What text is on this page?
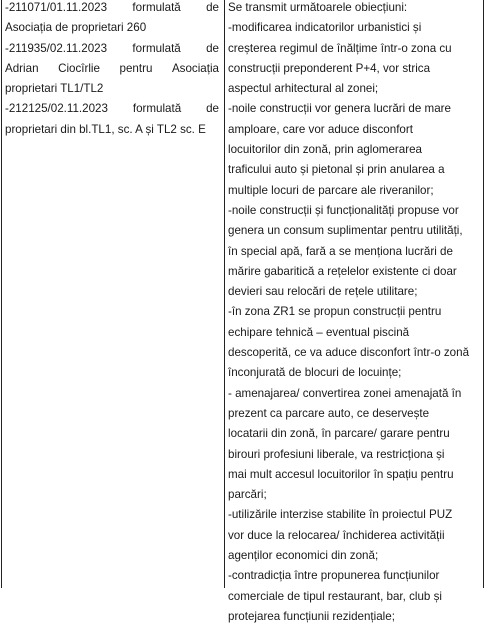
-211071/01.11.2023 formulată de
Asociația de proprietari 260
-211935/02.11.2023 formulată de
Adrian Ciocîrlie pentru Asociația
proprietari TL1/TL2
-212125/02.11.2023 formulată de
proprietari din bl.TL1, sc. A și TL2 sc. E
Se transmit următoarele obiecțiuni:
-modificarea indicatorilor urbanistici și
creșterea regimul de înălțime într-o zona cu
construcții preponderent P+4, vor strica
aspectul arhitectural al zonei;
-noile construcții vor genera lucrări de mare
amploare, care vor aduce disconfort
locuitorilor din zonă, prin aglomerarea
traficului auto și pietonal și prin anularea a
multiple locuri de parcare ale riveranilor;
-noile construcții și funcționalități propuse vor
genera un consum suplimentar pentru utilități,
în special apă, fară a se menționa lucrări de
mărire gabaritică a rețelelor existente ci doar
devieri sau relocări de rețele utilitare;
-în zona ZR1 se propun construcții pentru
echipare tehnică – eventual piscină
descoperită, ce va aduce disconfort într-o zonă
înconjurată de blocuri de locuințe;
- amenajarea/ convertirea zonei amenajată în
prezent ca parcare auto, ce deservește
locatarii din zonă, în parcare/ garare pentru
birouri profesiuni liberale, va restricționa și
mai mult accesul locuitorilor în spațiu pentru
parcări;
-utilizările interzise stabilite în proiectul PUZ
vor duce la relocarea/ închiderea activității
agenților economici din zonă;
-contradicția între propunerea funcțiunilor
comerciale de tipul restaurant, bar, club și
protejarea funcțiunii rezidențiale;
